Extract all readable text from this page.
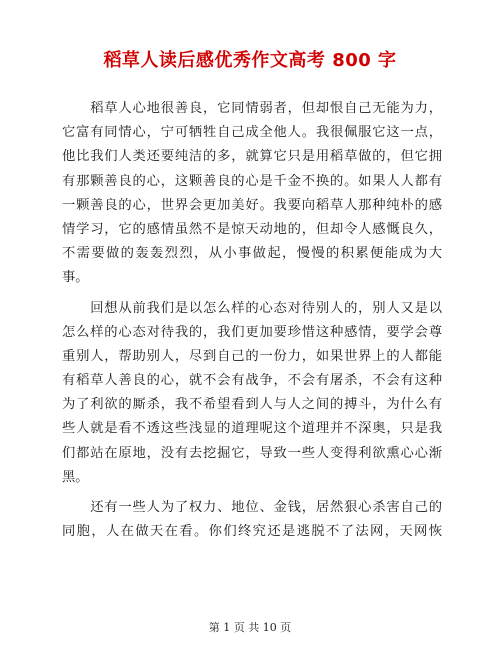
稻草人读后感优秀作文高考 800 字
　　稻草人心地很善良，它同情弱者，但却恨自己无能为力，
它富有同情心，宁可牺牲自己成全他人。我很佩服它这一点，
他比我们人类还要纯洁的多，就算它只是用稻草做的，但它拥
有那颗善良的心，这颗善良的心是千金不换的。如果人人都有
一颗善良的心，世界会更加美好。我要向稻草人那种纯朴的感
情学习，它的感情虽然不是惊天动地的，但却令人感慨良久，
不需要做的轰轰烈烈，从小事做起，慢慢的积累便能成为大
事。
　　回想从前我们是以怎么样的心态对待别人的，别人又是以
怎么样的心态对待我的，我们更加要珍惜这种感情，要学会尊
重别人，帮助别人，尽到自己的一份力，如果世界上的人都能
有稻草人善良的心，就不会有战争，不会有屠杀，不会有这种
为了利欲的厮杀，我不希望看到人与人之间的搏斗，为什么有
些人就是看不透这些浅显的道理呢这个道理并不深奥，只是我
们都站在原地，没有去挖掘它，导致一些人变得利欲熏心心渐
黑。
　　还有一些人为了权力、地位、金钱，居然狠心杀害自己的
同胞，人在做天在看。你们终究还是逃脱不了法网，天网恢
第 1 页 共 10 页
